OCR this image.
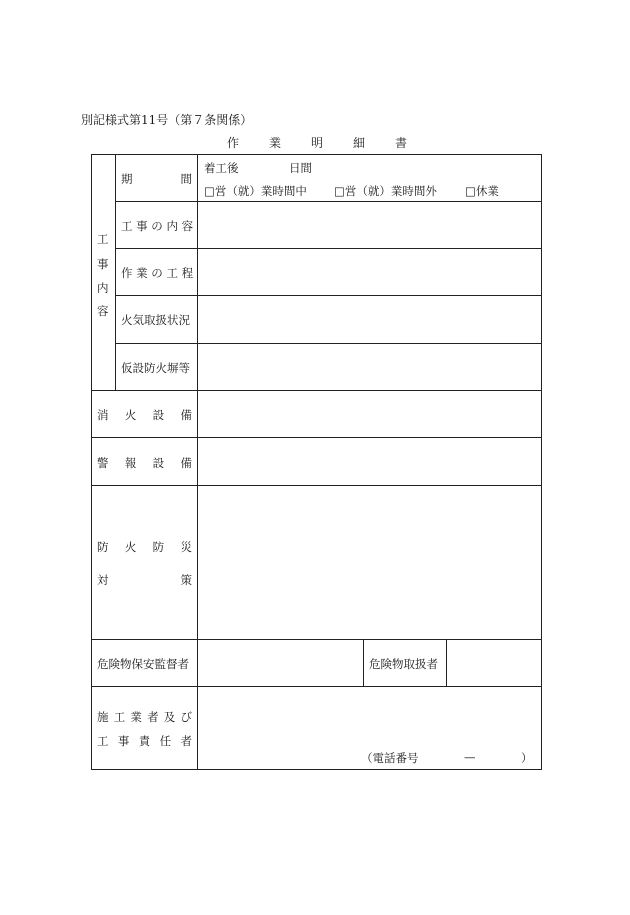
別記様式第11号（第７条関係）
作 業 明 細 書
工
事
内
容
期	間
着工後	日間
□営（就）業時間中 □営（就）業時間外 □休業
工 事 の 内 容
作 業 の 工 程
火気取扱状況
仮設防火塀等
消 火 設 備
警 報 設 備
防 火 防 災
対	策
危険物保安監督者	危険物取扱者
施 工 業 者 及 び
工 事 責 任 者
（電話番号	—	）
